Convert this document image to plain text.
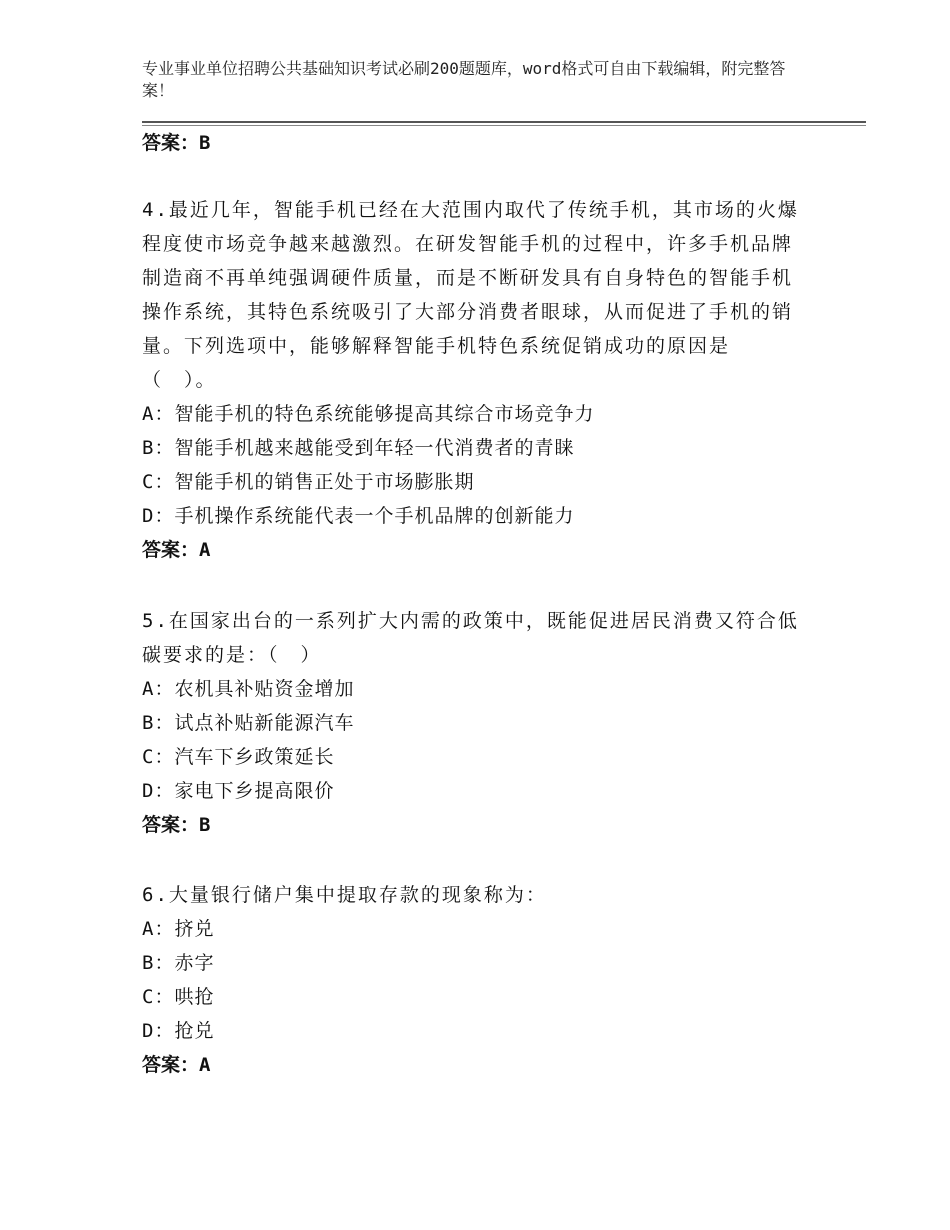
专业事业单位招聘公共基础知识考试必刷200题题库，word格式可自由下载编辑，附完整答案！
答案：B

4.最近几年，智能手机已经在大范围内取代了传统手机，其市场的火爆程度使市场竞争越来越激烈。在研发智能手机的过程中，许多手机品牌制造商不再单纯强调硬件质量，而是不断研发具有自身特色的智能手机操作系统，其特色系统吸引了大部分消费者眼球，从而促进了手机的销量。下列选项中，能够解释智能手机特色系统促销成功的原因是（　）。

A：智能手机的特色系统能够提高其综合市场竞争力

B：智能手机越来越能受到年轻一代消费者的青睐

C：智能手机的销售正处于市场膨胀期

D：手机操作系统能代表一个手机品牌的创新能力

答案：A

5.在国家出台的一系列扩大内需的政策中，既能促进居民消费又符合低碳要求的是：（　）

A：农机具补贴资金增加

B：试点补贴新能源汽车

C：汽车下乡政策延长

D：家电下乡提高限价

答案：B

6.大量银行储户集中提取存款的现象称为：

A：挤兑

B：赤字

C：哄抢

D：抢兑

答案：A
